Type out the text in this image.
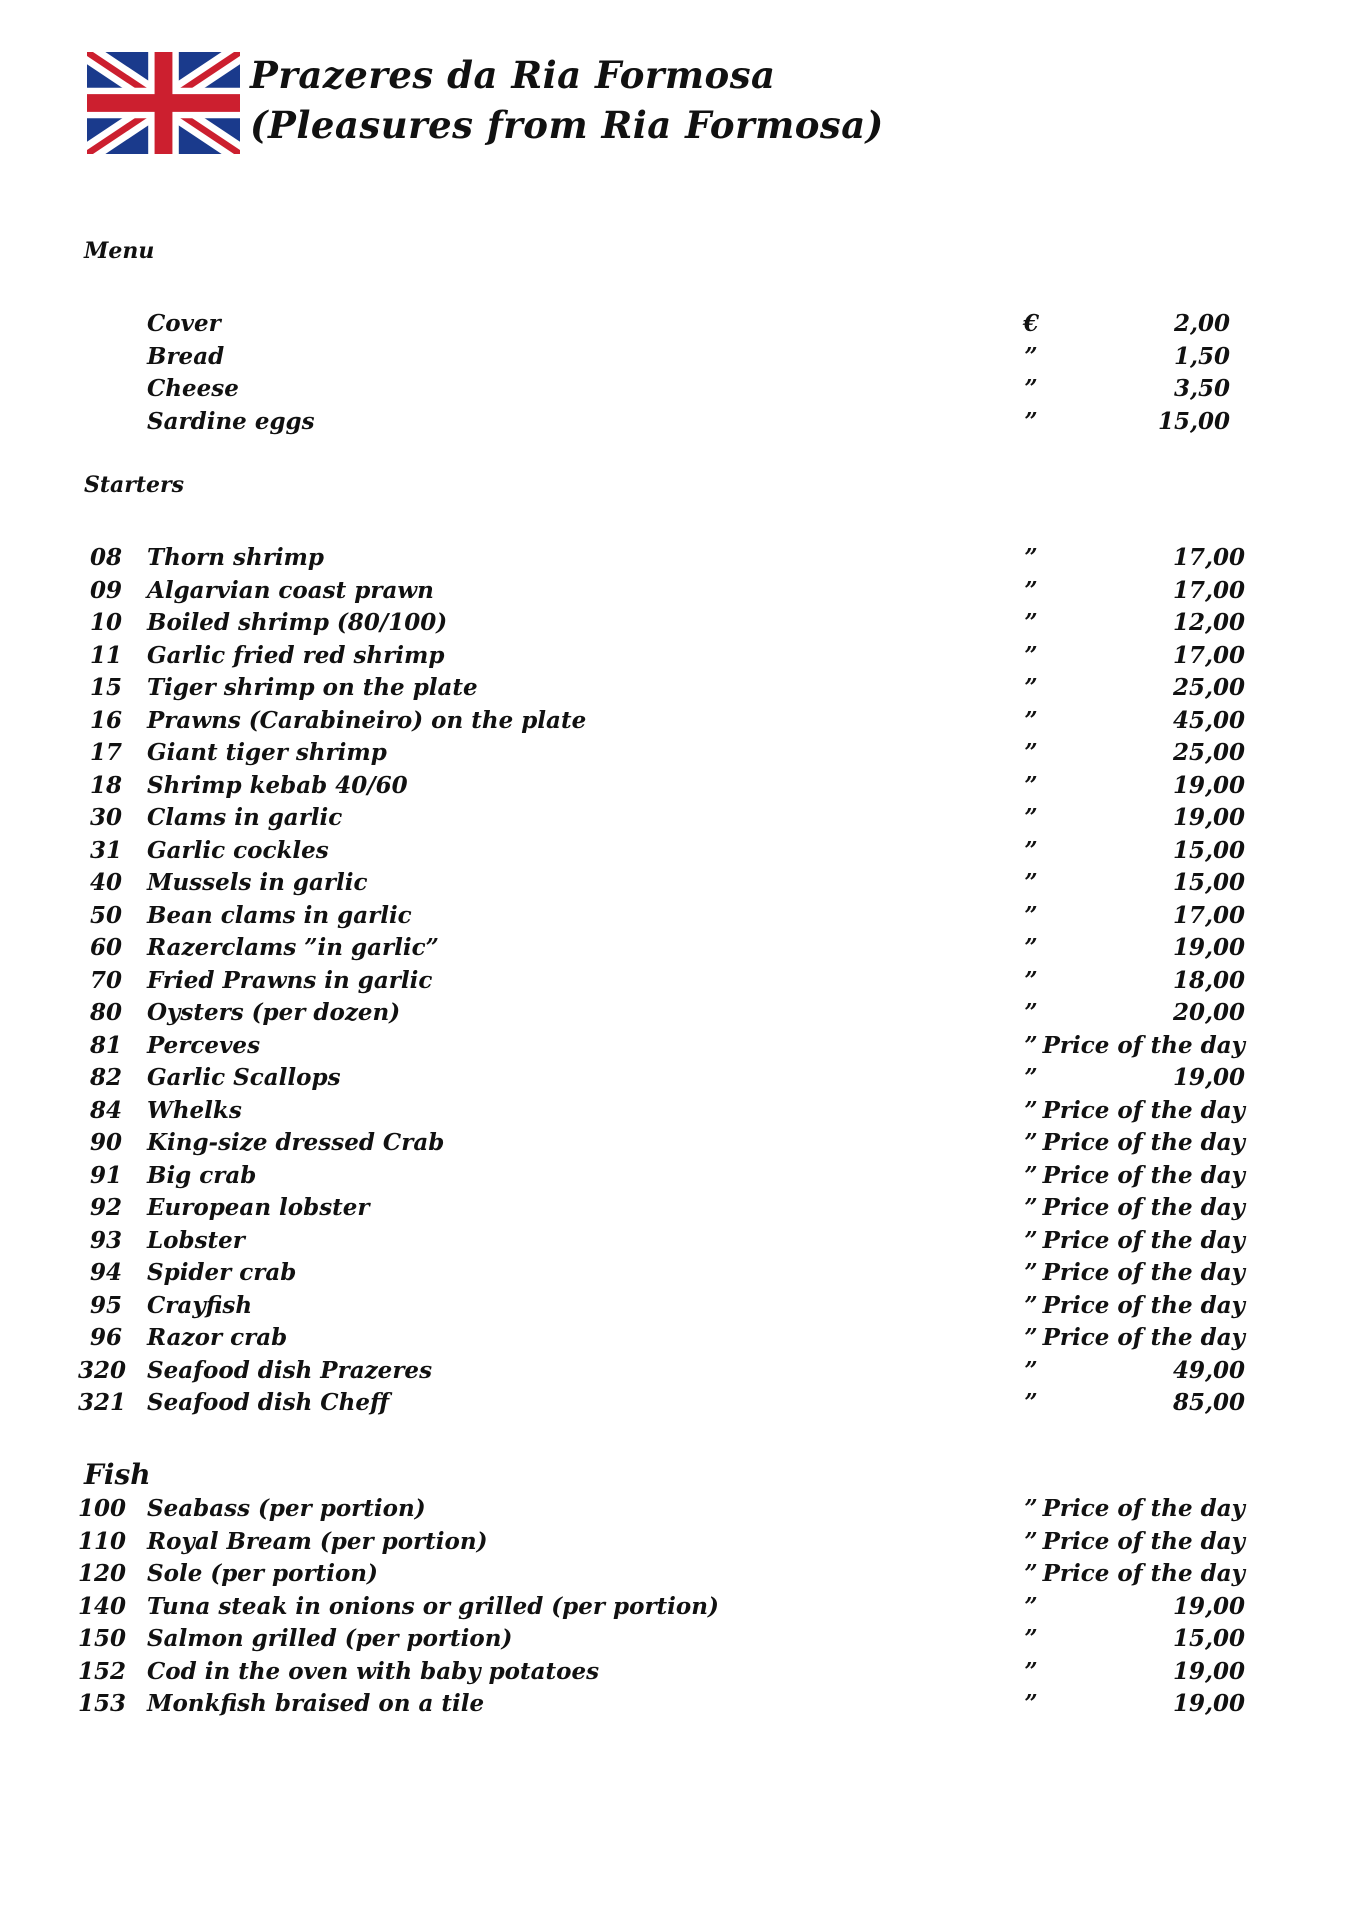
Prazeres da Ria Formosa
(Pleasures from Ria Formosa)
Menu
Starters
Fish
Cover	€	2,00
Bread	”	1,50
Cheese	”	3,50
Sardine eggs	”	15,00
08 Thorn shrimp	”	17,00
09 Algarvian coast prawn	”	17,00
10 Boiled shrimp (80/100)	”	12,00
11 Garlic fried red shrimp	”	17,00
15 Tiger shrimp on the plate	”	25,00
16 Prawns (Carabineiro) on the plate	”	45,00
17 Giant tiger shrimp	”	25,00
18 Shrimp kebab 40/60	”	19,00
30 Clams in garlic	”	19,00
31 Garlic cockles	”	15,00
40 Mussels in garlic	”	15,00
50 Bean clams in garlic	”	17,00
60 Razerclams ”in garlic”	”	19,00
70 Fried Prawns in garlic	”	18,00
80 Oysters (per dozen)	”	20,00
81 Perceves	” Price of the day
82 Garlic Scallops	”	19,00
84 Whelks	” Price of the day
90 King-size dressed Crab	” Price of the day
91 Big crab	” Price of the day
92 European lobster	” Price of the day
93 Lobster	” Price of the day
94 Spider crab	” Price of the day
95 Crayfish	” Price of the day
96 Razor crab	” Price of the day
320 Seafood dish Prazeres	”	49,00
321 Seafood dish Cheff	”	85,00
100 Seabass (per portion)	” Price of the day
110 Royal Bream (per portion)	” Price of the day
120 Sole (per portion)	” Price of the day
140 Tuna steak in onions or grilled (per portion)	”	19,00
150 Salmon grilled (per portion)	”	15,00
152 Cod in the oven with baby potatoes	”	19,00
153 Monkfish braised on a tile	”	19,00
